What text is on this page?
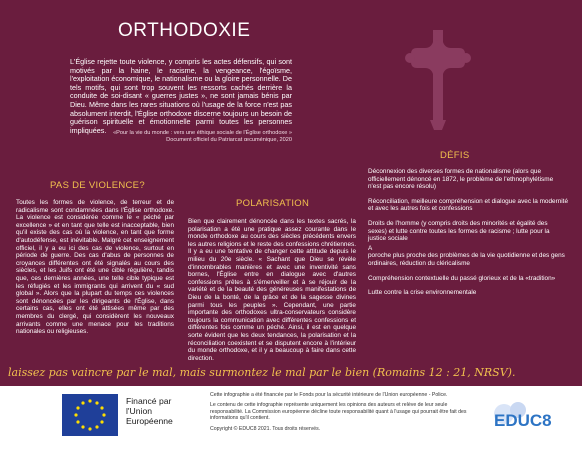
ORTHODOXIE
L'Église rejette toute violence, y compris les actes défensifs, qui sont motivés par la haine, le racisme, la vengeance, l'égoïsme, l'exploitation économique, le nationalisme ou la gloire personnelle. De tels motifs, qui sont trop souvent les ressorts cachés derrière la conduite de soi-disant « guerres justes », ne sont jamais bénis par Dieu. Même dans les rares situations où l'usage de la force n'est pas absolument interdit, l'Église orthodoxe discerne toujours un besoin de guérison spirituelle et émotionnelle parmi toutes les personnes impliquées.	«Pour la vie du monde : vers une éthique sociale de l'Église orthodoxe »
Document officiel du Patriarcat œcuménique, 2020
PAS DE VIOLENCE?
Toutes les formes de violence, de terreur et de radicalisme sont condamnées dans l'Église orthodoxe. La violence est considérée comme le « péché par excellence » et en tant que telle est inacceptable, bien qu'il existe des cas où la violence, en tant que forme d'autodéfense, est inévitable. Malgré cet enseignement officiel, il y a eu ici des cas de violence, surtout en période de guerre. Des cas d'abus de personnes de croyances différentes ont été signalés au cours des siècles, et les Juifs ont été une cible régulière, tandis que, ces dernières années, une telle cible typique est les réfugiés et les immigrants qui arrivent du « sud global ». Alors que la plupart du temps ces violences sont dénoncées par les dirigeants de l'Église, dans certains cas, elles ont été attisées même par des membres du clergé, qui considèrent les nouveaux arrivants comme une menace pour les traditions nationales ou religieuses.
POLARISATION
Bien que clairement dénoncée dans les textes sacrés, la polarisation a été une pratique assez courante dans le monde orthodoxe au cours des siècles précédents envers les autres religions et le reste des confessions chrétiennes. Il y a eu une tentative de changer cette attitude depuis le milieu du 20e siècle. « Sachant que Dieu se révèle d'innombrables manières et avec une inventivité sans bornes, l'Église entre en dialogue avec d'autres confessions prêtes à s'émerveiller et à se réjouir de la variété et de la beauté des généreuses manifestations de Dieu de la bonté, de la grâce et de la sagesse divines parmi tous les peuples ». Cependant, une partie importante des orthodoxes ultra-conservateurs considère toujours la communication avec différentes confessions et différentes fois comme un péché. Ainsi, il est en quelque sorte évident que les deux tendances, la polarisation et la réconciliation coexistent et se disputent encore à l'intérieur du monde orthodoxe, et il y a beaucoup à faire dans cette direction.
DÉFIS
Déconnexion des diverses formes de nationalisme (alors que officiellement dénoncé en 1872, le problème de l'ethnophylétisme n'est pas encore résolu)
Réconciliation, meilleure compréhension et dialogue avec la modernité et avec les autres fois et confessions
Droits de l'homme (y compris droits des minorités et égalité des sexes) et lutte contre toutes les formes de racisme ; lutte pour la justice sociale
A
poroche plus proche des problèmes de la vie quotidienne et des gens ordinaires, réduction du cléricalisme
Compréhension contextuelle du passé glorieux et de la «tradition»
Lutte contre la crise environnementale
laissez pas vaincre par le mal, mais surmontez le mal par le bien (Romains 12 : 21, NRSV).
Financé par l'Union Européenne

Cette infographie a été financée par le Fonds pour la sécurité intérieure de l'Union européenne - Police.

Le contenu de cette infographie représente uniquement les opinions des auteurs et relève de leur seule responsabilité. La Commission européenne décline toute responsabilité quant à l'usage qui pourrait être fait des informations qu'il contient.

Copyright © EDUC8 2021. Tous droits réservés.	EDUC8
